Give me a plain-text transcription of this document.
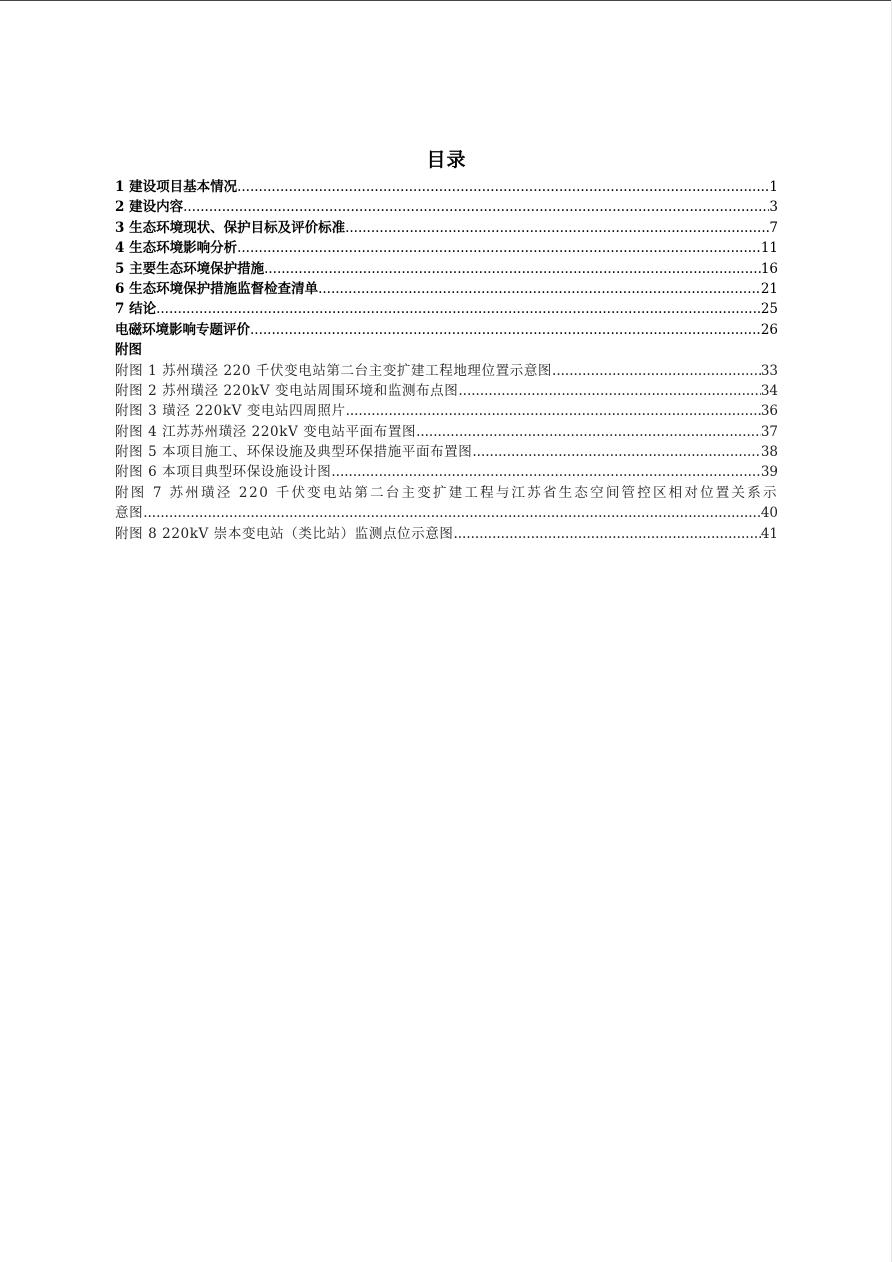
目录
1 建设项目基本情况 .....	1
2 建设内容 .....	3
3 生态环境现状、保护目标及评价标准 .....	7
4 生态环境影响分析 .....	11
5 主要生态环境保护措施 .....	16
6 生态环境保护措施监督检查清单 .....	21
7 结论 .....	25
电磁环境影响专题评价 .....	26
附图
附图 1 苏州璜泾 220 千伏变电站第二台主变扩建工程地理位置示意图 .....	33
附图 2 苏州璜泾 220kV 变电站周围环境和监测布点图 .....	34
附图 3 璜泾 220kV 变电站四周照片 .....	36
附图 4 江苏苏州璜泾 220kV 变电站平面布置图 .....	37
附图 5 本项目施工、环保设施及典型环保措施平面布置图 .....	38
附图 6 本项目典型环保设施设计图 .....	39
附图 7 苏州璜泾 220 千伏变电站第二台主变扩建工程与江苏省生态空间管控区相对位置关系示
意图 .....	40
附图 8 220kV 崇本变电站（类比站）监测点位示意图 .....	41
